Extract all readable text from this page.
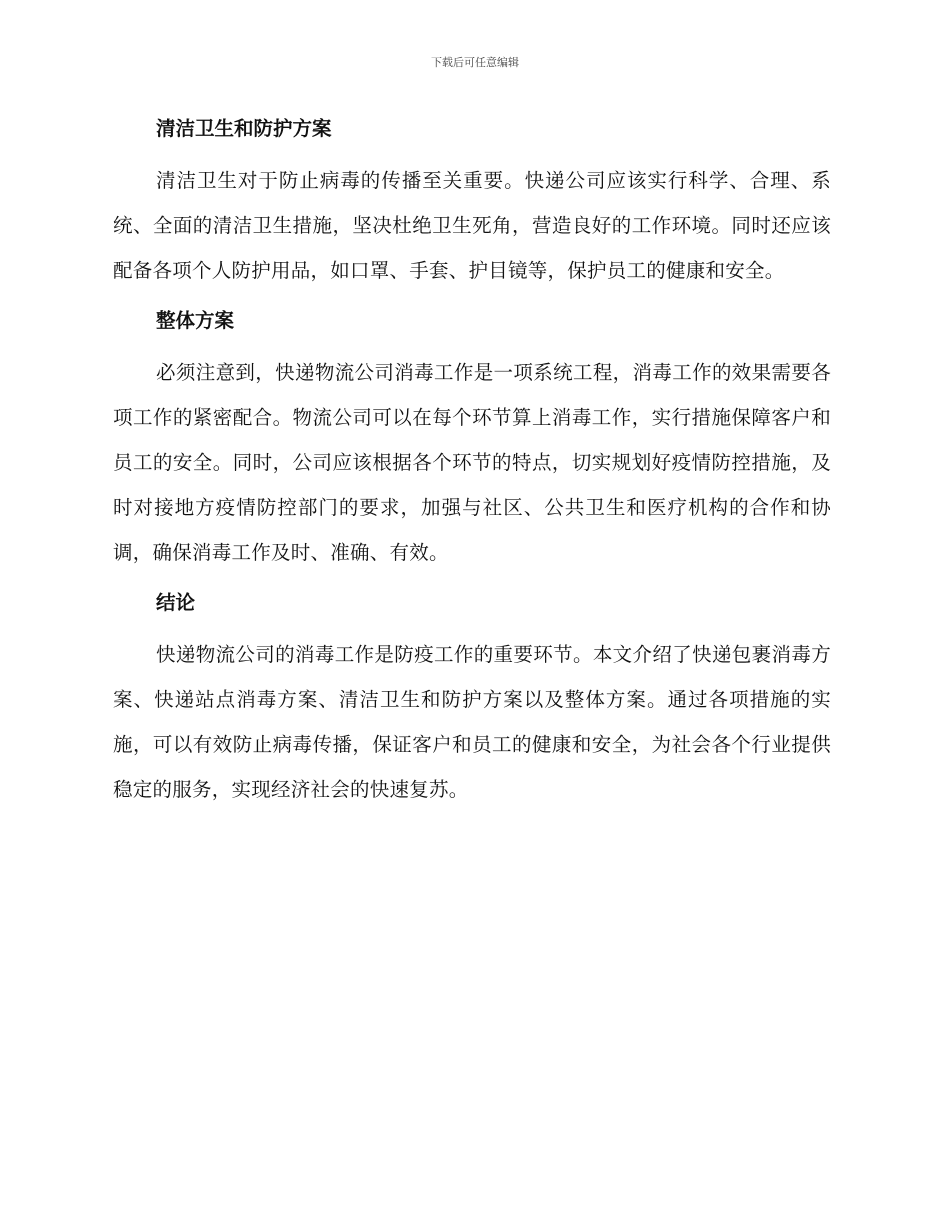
下载后可任意编辑
清洁卫生和防护方案

清洁卫生对于防止病毒的传播至关重要。快递公司应该实行科学、合理、系统、全面的清洁卫生措施，坚决杜绝卫生死角，营造良好的工作环境。同时还应该配备各项个人防护用品，如口罩、手套、护目镜等，保护员工的健康和安全。

整体方案

必须注意到，快递物流公司消毒工作是一项系统工程，消毒工作的效果需要各项工作的紧密配合。物流公司可以在每个环节算上消毒工作，实行措施保障客户和员工的安全。同时，公司应该根据各个环节的特点，切实规划好疫情防控措施，及时对接地方疫情防控部门的要求，加强与社区、公共卫生和医疗机构的合作和协调，确保消毒工作及时、准确、有效。

结论

快递物流公司的消毒工作是防疫工作的重要环节。本文介绍了快递包裹消毒方案、快递站点消毒方案、清洁卫生和防护方案以及整体方案。通过各项措施的实施，可以有效防止病毒传播，保证客户和员工的健康和安全，为社会各个行业提供稳定的服务，实现经济社会的快速复苏。
